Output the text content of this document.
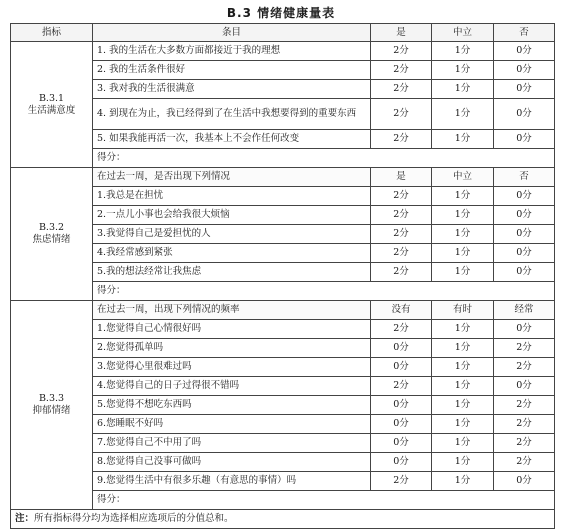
B.3 情绪健康量表
指标	条目	是	中立	否

B.3.1
生活满意度	1. 我的生活在大多数方面都接近于我的理想	2分	1分	0分
	2. 我的生活条件很好	2分	1分	0分
	3. 我对我的生活很满意	2分	1分	0分
	4. 到现在为止，我已经得到了在生活中我想要得到的重要东西	2分	1分	0分
	5. 如果我能再活一次，我基本上不会作任何改变	2分	1分	0分
	得分：			

B.3.2
焦虑情绪	在过去一周，是否出现下列情况	是	中立	否
	1.我总是在担忧	2分	1分	0分
	2.一点儿小事也会给我很大烦恼	2分	1分	0分
	3.我觉得自己是爱担忧的人	2分	1分	0分
	4.我经常感到紧张	2分	1分	0分
	5.我的想法经常让我焦虑	2分	1分	0分
	得分：			

B.3.3
抑郁情绪	在过去一周，出现下列情况的频率	没有	有时	经常
	1.您觉得自己心情很好吗	2分	1分	0分
	2.您觉得孤单吗	0分	1分	2分
	3.您觉得心里很难过吗	0分	1分	2分
	4.您觉得自己的日子过得很不错吗	2分	1分	0分
	5.您觉得不想吃东西吗	0分	1分	2分
	6.您睡眠不好吗	0分	1分	2分
	7.您觉得自己不中用了吗	0分	1分	2分
	8.您觉得自己没事可做吗	0分	1分	2分
	9.您觉得生活中有很多乐趣（有意思的事情）吗	2分	1分	0分
	得分：			
注：所有指标得分均为选择相应选项后的分值总和。				
